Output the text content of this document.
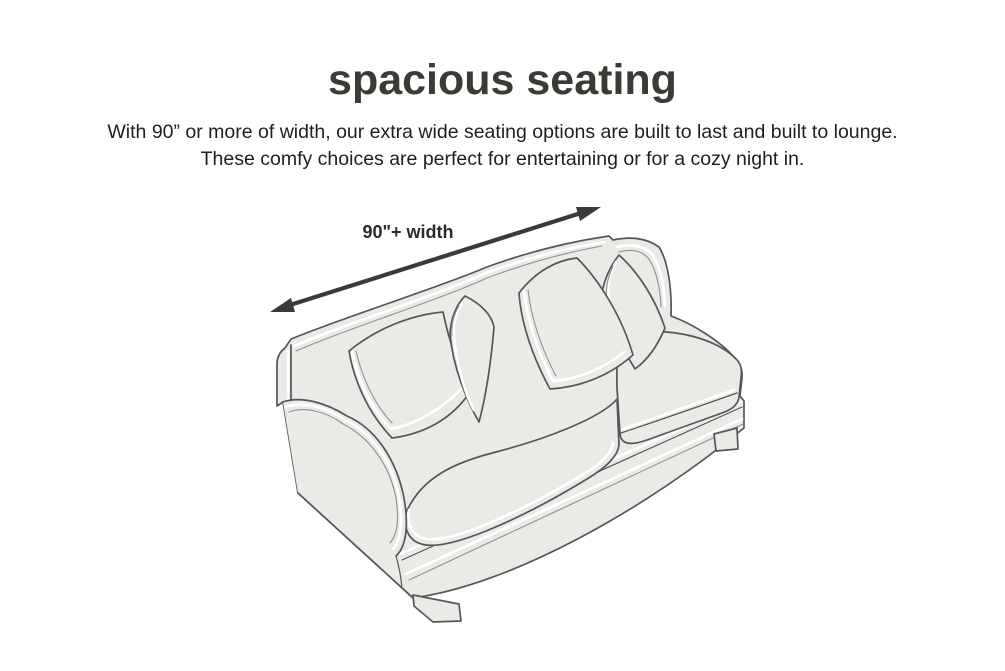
spacious seating

With 90” or more of width, our extra wide seating options are built to last and built to lounge.

These comfy choices are perfect for entertaining or for a cozy night in.

90"+ width
